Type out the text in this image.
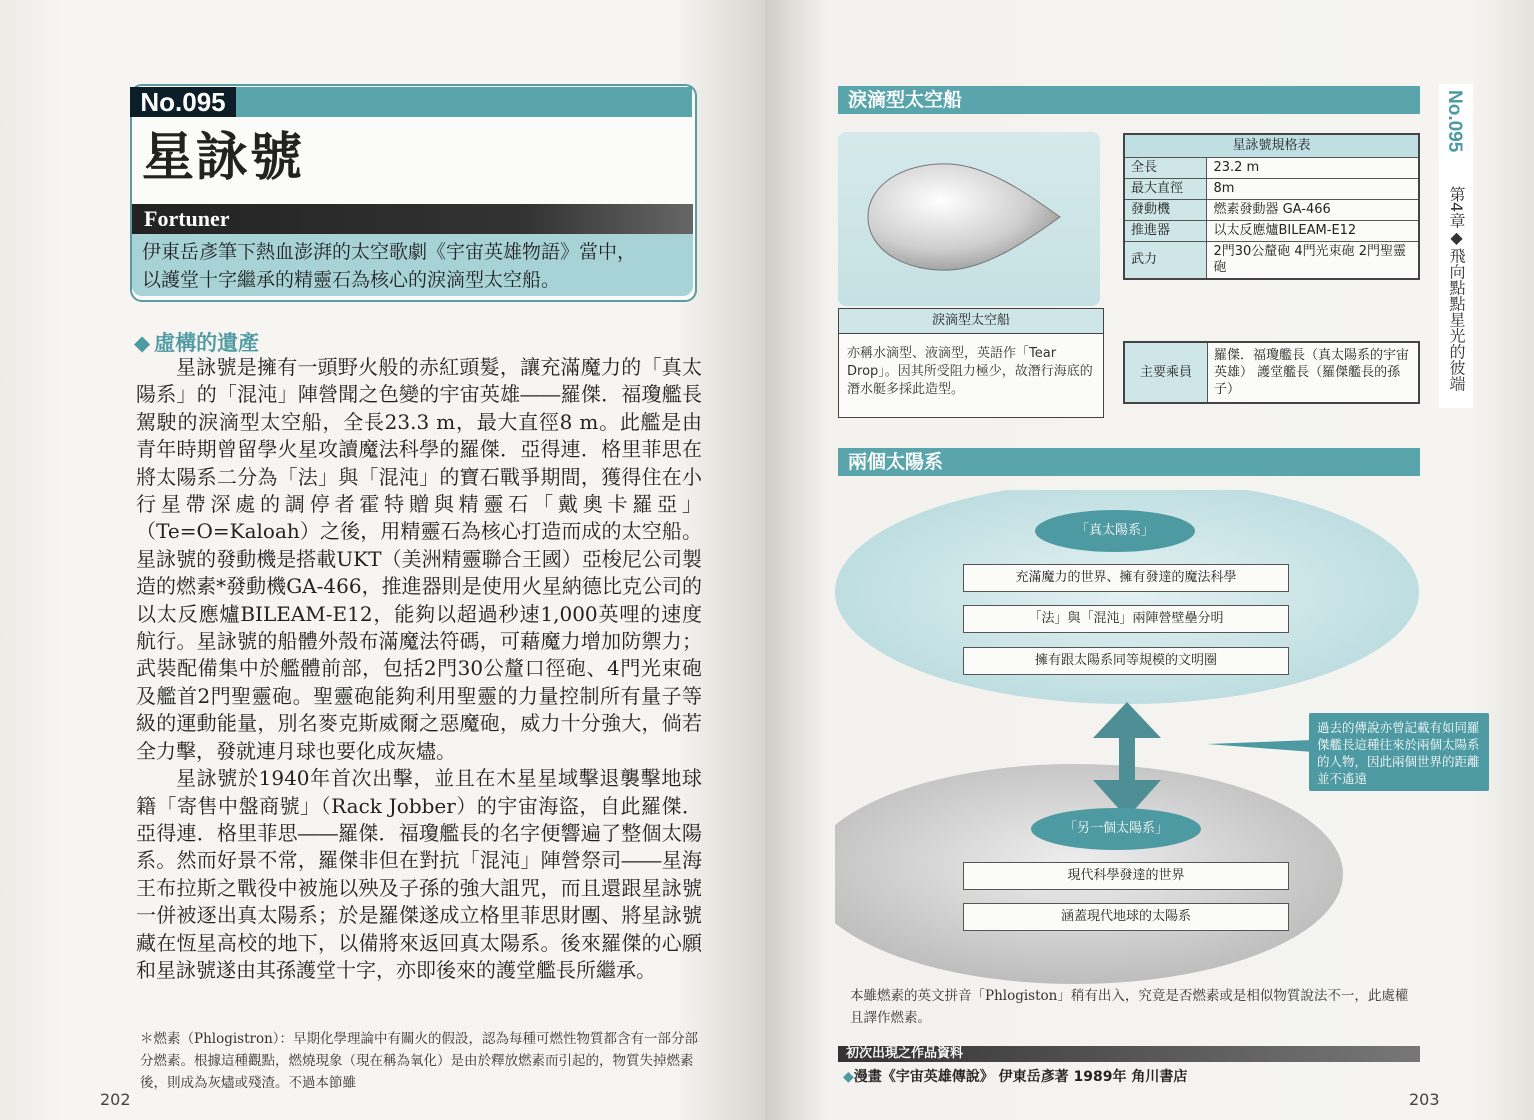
No.095
星詠號
Fortuner
伊東岳彥筆下熱血澎湃的太空歌劇《宇宙英雄物語》當中，
以護堂十字繼承的精靈石為核心的淚滴型太空船。
◆ 虛構的遺產

星詠號是擁有一頭野火般的赤紅頭髮，讓充滿魔力的「真太陽系」的「混沌」陣營聞之色變的宇宙英雄――羅傑．福瓊艦長駕駛的淚滴型太空船，全長23.3 m，最大直徑8 m。此艦是由青年時期曾留學火星攻讀魔法科學的羅傑．亞得連．格里菲思在將太陽系二分為「法」與「混沌」的寶石戰爭期間，獲得住在小行星帶深處的調停者霍特贈與精靈石「戴奧卡羅亞」（Te=O=Kaloah）之後，用精靈石為核心打造而成的太空船。星詠號的發動機是搭載UKT（美洲精靈聯合王國）亞梭尼公司製造的燃素*發動機GA-466，推進器則是使用火星納德比克公司的以太反應爐BILEAM-E12，能夠以超過秒速1,000英哩的速度航行。星詠號的船體外殼布滿魔法符碼，可藉魔力增加防禦力；武裝配備集中於艦體前部，包括2門30公釐口徑砲、4門光束砲及艦首2門聖靈砲。聖靈砲能夠利用聖靈的力量控制所有量子等級的運動能量，別名麥克斯威爾之惡魔砲，威力十分強大，倘若全力擊，發就連月球也要化成灰燼。

星詠號於1940年首次出擊，並且在木星星域擊退襲擊地球籍「寄售中盤商號」（Rack Jobber）的宇宙海盜，自此羅傑．亞得連．格里菲思――羅傑．福瓊艦長的名字便響遍了整個太陽系。然而好景不常，羅傑非但在對抗「混沌」陣營祭司――星海王布拉斯之戰役中被施以殃及子孫的強大詛咒，而且還跟星詠號一併被逐出真太陽系；於是羅傑遂成立格里菲思財團、將星詠號藏在恆星高校的地下，以備將來返回真太陽系。後來羅傑的心願和星詠號遂由其孫護堂十字，亦即後來的護堂艦長所繼承。

＊燃素（Phlogistron）：早期化學理論中有關火的假設，認為每種可燃性物質都含有一部分部分燃素。根據這種觀點，燃燒現象（現在稱為氧化）是由於釋放燃素而引起的，物質失掉燃素後，則成為灰燼或殘渣。不過本節雖
202
淚滴型太空船
淚滴型太空船
亦稱水滴型、液滴型，英語作「Tear Drop」。因其所受阻力極少，故潛行海底的潛水艇多採此造型。
星詠號規格表	
全長	23.2 m
最大直徑	8m
發動機	燃素發動器 GA-466
推進器	以太反應爐BILEAM-E12
武力	2門30公釐砲 4門光束砲 2門聖靈砲
主要乘員	羅傑．福瓊艦長（真太陽系的宇宙英雄） 護堂艦長（羅傑艦長的孫子）
兩個太陽系
「真太陽系」
充滿魔力的世界、擁有發達的魔法科學
「法」與「混沌」兩陣營壁壘分明
擁有跟太陽系同等規模的文明圈
過去的傳說亦曾記載有如同羅傑艦長這種往來於兩個太陽系的人物，因此兩個世界的距離並不遙遠
「另一個太陽系」
現代科學發達的世界
涵蓋現代地球的太陽系
本雖燃素的英文拼音「Phlogiston」稍有出入，究竟是否燃素或是相似物質說法不一，此處權且譯作燃素。
初次出現之作品資料
◆漫畫《宇宙英雄傳說》 伊東岳彥著 1989年 角川書店
203
No.095
第4章◆飛向點點星光的彼端
